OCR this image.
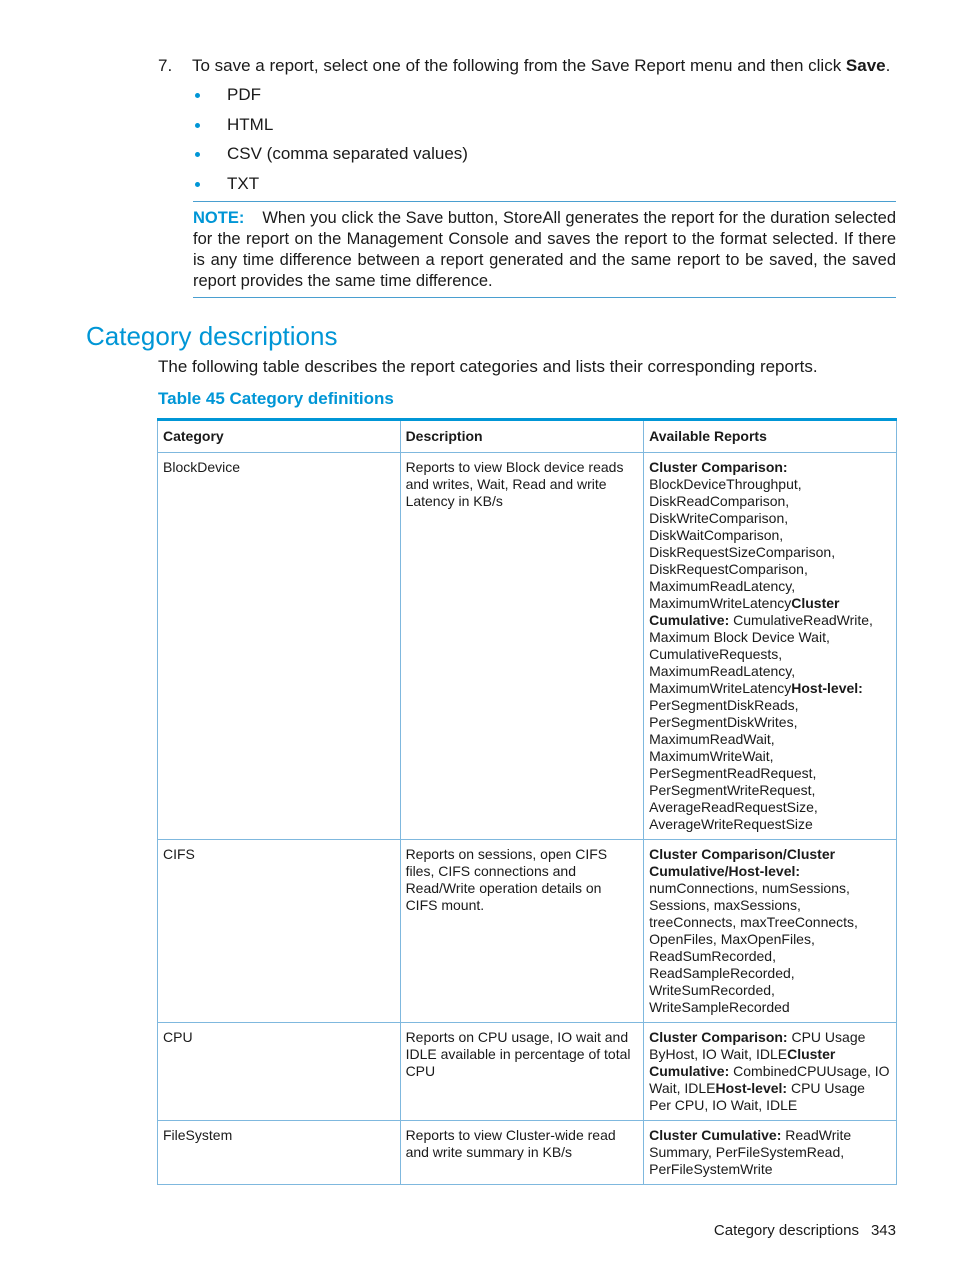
7. To save a report, select one of the following from the Save Report menu and then click Save.
PDF
HTML
CSV (comma separated values)
TXT
NOTE: When you click the Save button, StoreAll generates the report for the duration selected for the report on the Management Console and saves the report to the format selected. If there is any time difference between a report generated and the same report to be saved, the saved report provides the same time difference.
Category descriptions
The following table describes the report categories and lists their corresponding reports.
Table 45 Category definitions
Category	Description	Available Reports
BlockDevice	Reports to view Block device reads and writes, Wait, Read and write Latency in KB/s	Cluster Comparison: BlockDeviceThroughput, DiskReadComparison, DiskWriteComparison, DiskWaitComparison, DiskRequestSizeComparison, DiskRequestComparison, MaximumReadLatency, MaximumWriteLatencyCluster Cumulative: CumulativeReadWrite, Maximum Block Device Wait, CumulativeRequests, MaximumReadLatency, MaximumWriteLatencyHost-level: PerSegmentDiskReads, PerSegmentDiskWrites, MaximumReadWait, MaximumWriteWait, PerSegmentReadRequest, PerSegmentWriteRequest, AverageReadRequestSize, AverageWriteRequestSize
CIFS	Reports on sessions, open CIFS files, CIFS connections and Read/Write operation details on CIFS mount.	Cluster Comparison/Cluster Cumulative/Host-level: numConnections, numSessions, Sessions, maxSessions, treeConnects, maxTreeConnects, OpenFiles, MaxOpenFiles, ReadSumRecorded, ReadSampleRecorded, WriteSumRecorded, WriteSampleRecorded
CPU	Reports on CPU usage, IO wait and IDLE available in percentage of total CPU	Cluster Comparison: CPU Usage ByHost, IO Wait, IDLECluster Cumulative: CombinedCPUUsage, IO Wait, IDLEHost-level: CPU Usage Per CPU, IO Wait, IDLE
FileSystem	Reports to view Cluster-wide read and write summary in KB/s	Cluster Cumulative: ReadWrite Summary, PerFileSystemRead, PerFileSystemWrite
Category descriptions 343
